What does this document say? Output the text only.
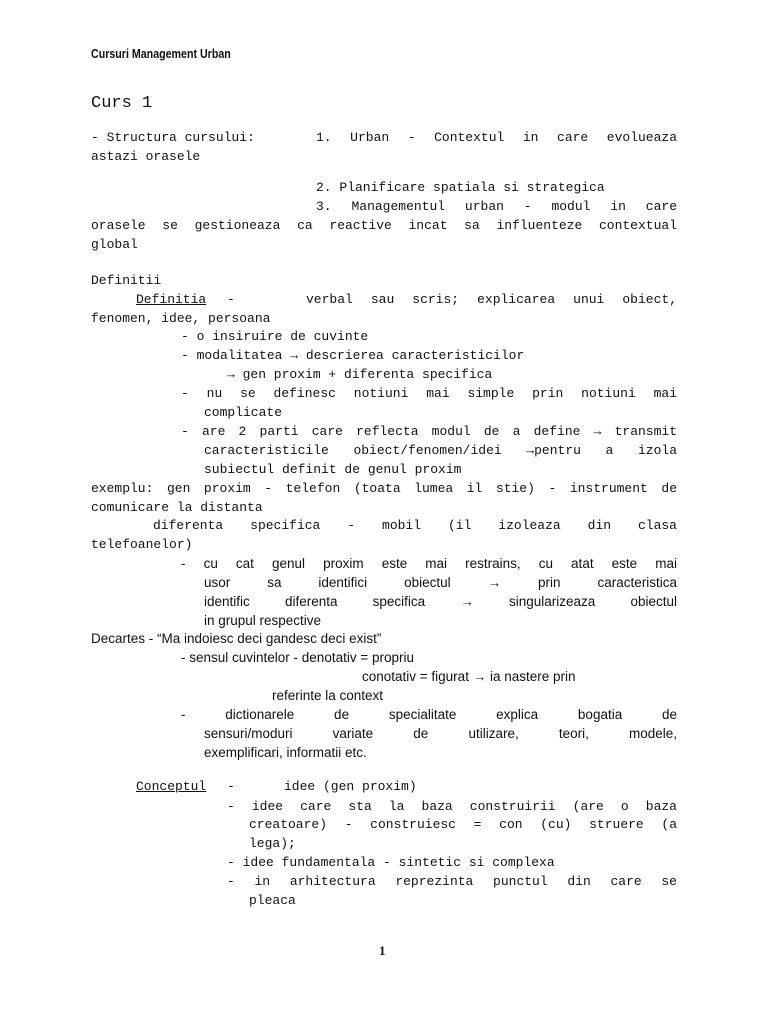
Cursuri Management Urban
Curs 1
- Structura cursului:	1. Urban - Contextul in care evolueaza
astazi orasele
2. Planificare spatiala si strategica
3. Managementul urban - modul in care
orasele se gestioneaza ca reactive incat sa influenteze contextual
global
Definitii
Definitia -	verbal sau scris; explicarea unui obiect,
fenomen, idee, persoana
- o insiruire de cuvinte
- modalitatea → descrierea caracteristicilor
→ gen proxim + diferenta specifica
- nu se definesc notiuni mai simple prin notiuni mai
complicate
- are 2 parti care reflecta modul de a define → transmit
caracteristicile obiect/fenomen/idei →pentru a izola
subiectul definit de genul proxim
exemplu: gen proxim - telefon (toata lumea il stie) - instrument de
comunicare la distanta
diferenta specifica - mobil (il izoleaza din clasa
telefoanelor)
- cu cat genul proxim este mai restrains, cu atat este mai
usor sa identifici obiectul → prin caracteristica
identific diferenta specifica → singularizeaza obiectul
in grupul respective
Decartes - “Ma indoiesc deci gandesc deci exist”
- sensul cuvintelor - denotativ = propriu
conotativ = figurat → ia nastere prin
referinte la context
- dictionarele de specialitate explica bogatia de
sensuri/moduri variate de utilizare, teori, modele,
exemplificari, informatii etc.
Conceptul -	idee (gen proxim)
- idee care sta la baza construirii (are o baza
creatoare) - construiesc = con (cu) struere (a
lega);
- idee fundamentala - sintetic si complexa
- in arhitectura reprezinta punctul din care se
pleaca
1
